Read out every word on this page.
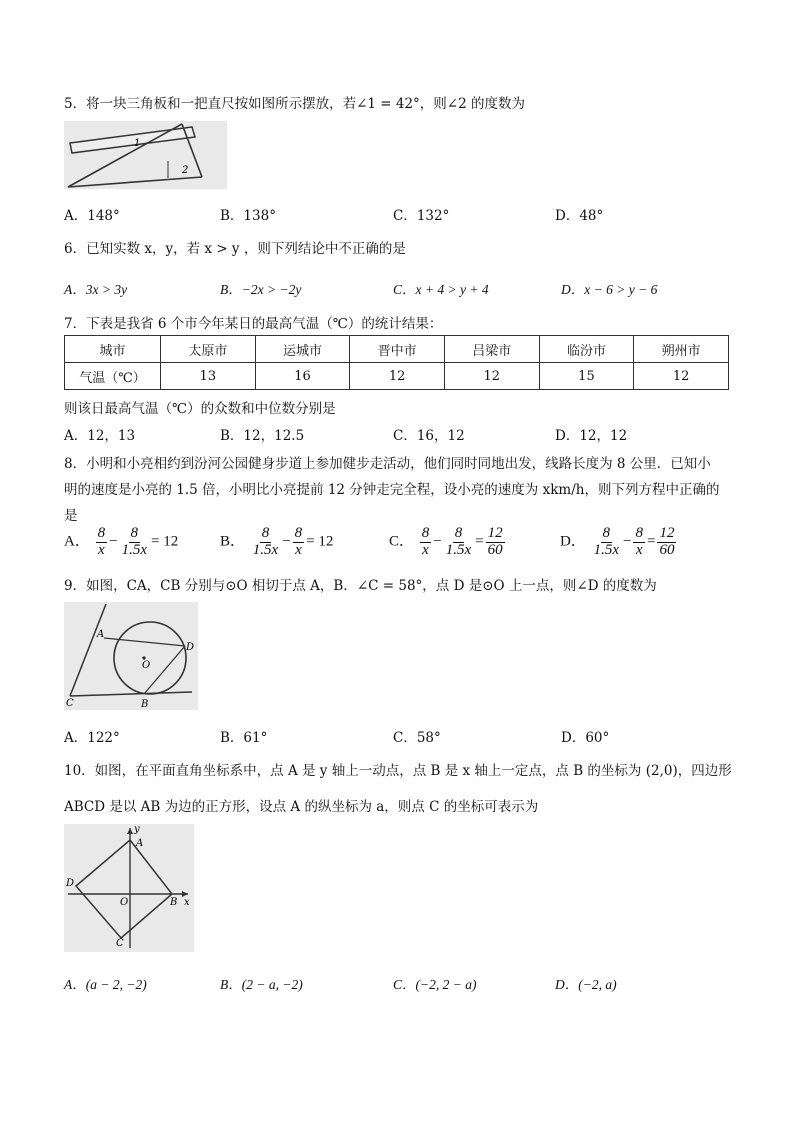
5．将一块三角板和一把直尺按如图所示摆放，若∠1 = 42°，则∠2 的度数为
1
2
A．148°	B．138°	C．132°	D．48°
6．已知实数 x，y，若 x > y ，则下列结论中不正确的是
A．3x > 3y	B．−2x > −2y	C．x + 4 > y + 4	D．x − 6 > y − 6
7．下表是我省 6 个市今年某日的最高气温（℃）的统计结果：
城市	太原市	运城市	晋中市	吕梁市	临汾市	朔州市
气温（℃）	13	16	12	12	15	12
则该日最高气温（℃）的众数和中位数分别是
A．12，13	B．12，12.5	C．16，12	D．12，12
8．小明和小亮相约到汾河公园健身步道上参加健步走活动，他们同时同地出发，线路长度为 8 公里．已知小
明的速度是小亮的 1.5 倍，小明比小亮提前 12 分钟走完全程，设小亮的速度为 xkm/h，则下列方程中正确的
是
A． $\frac{8}{x} - \frac{8}{1.5x} = 12$	B． $\frac{8}{1.5x} - \frac{8}{x} = 12$	C． $\frac{8}{x} - \frac{8}{1.5x} = \frac{12}{60}$	D． $\frac{8}{1.5x} - \frac{8}{x} = \frac{12}{60}$
9．如图，CA，CB 分别与⊙O 相切于点 A，B．∠C = 58°，点 D 是⊙O 上一点，则∠D 的度数为
A
D
O
C	B
A．122°	B．61°	C．58°	D．60°
10．如图，在平面直角坐标系中，点 A 是 y 轴上一动点，点 B 是 x 轴上一定点，点 B 的坐标为 (2,0)，四边形
ABCD 是以 AB 为边的正方形，设点 A 的纵坐标为 a，则点 C 的坐标可表示为
A
y
D
O	B x
C
A．(a − 2, −2)	B．(2 − a, −2)	C．(−2, 2 − a)	D．(−2, a)
